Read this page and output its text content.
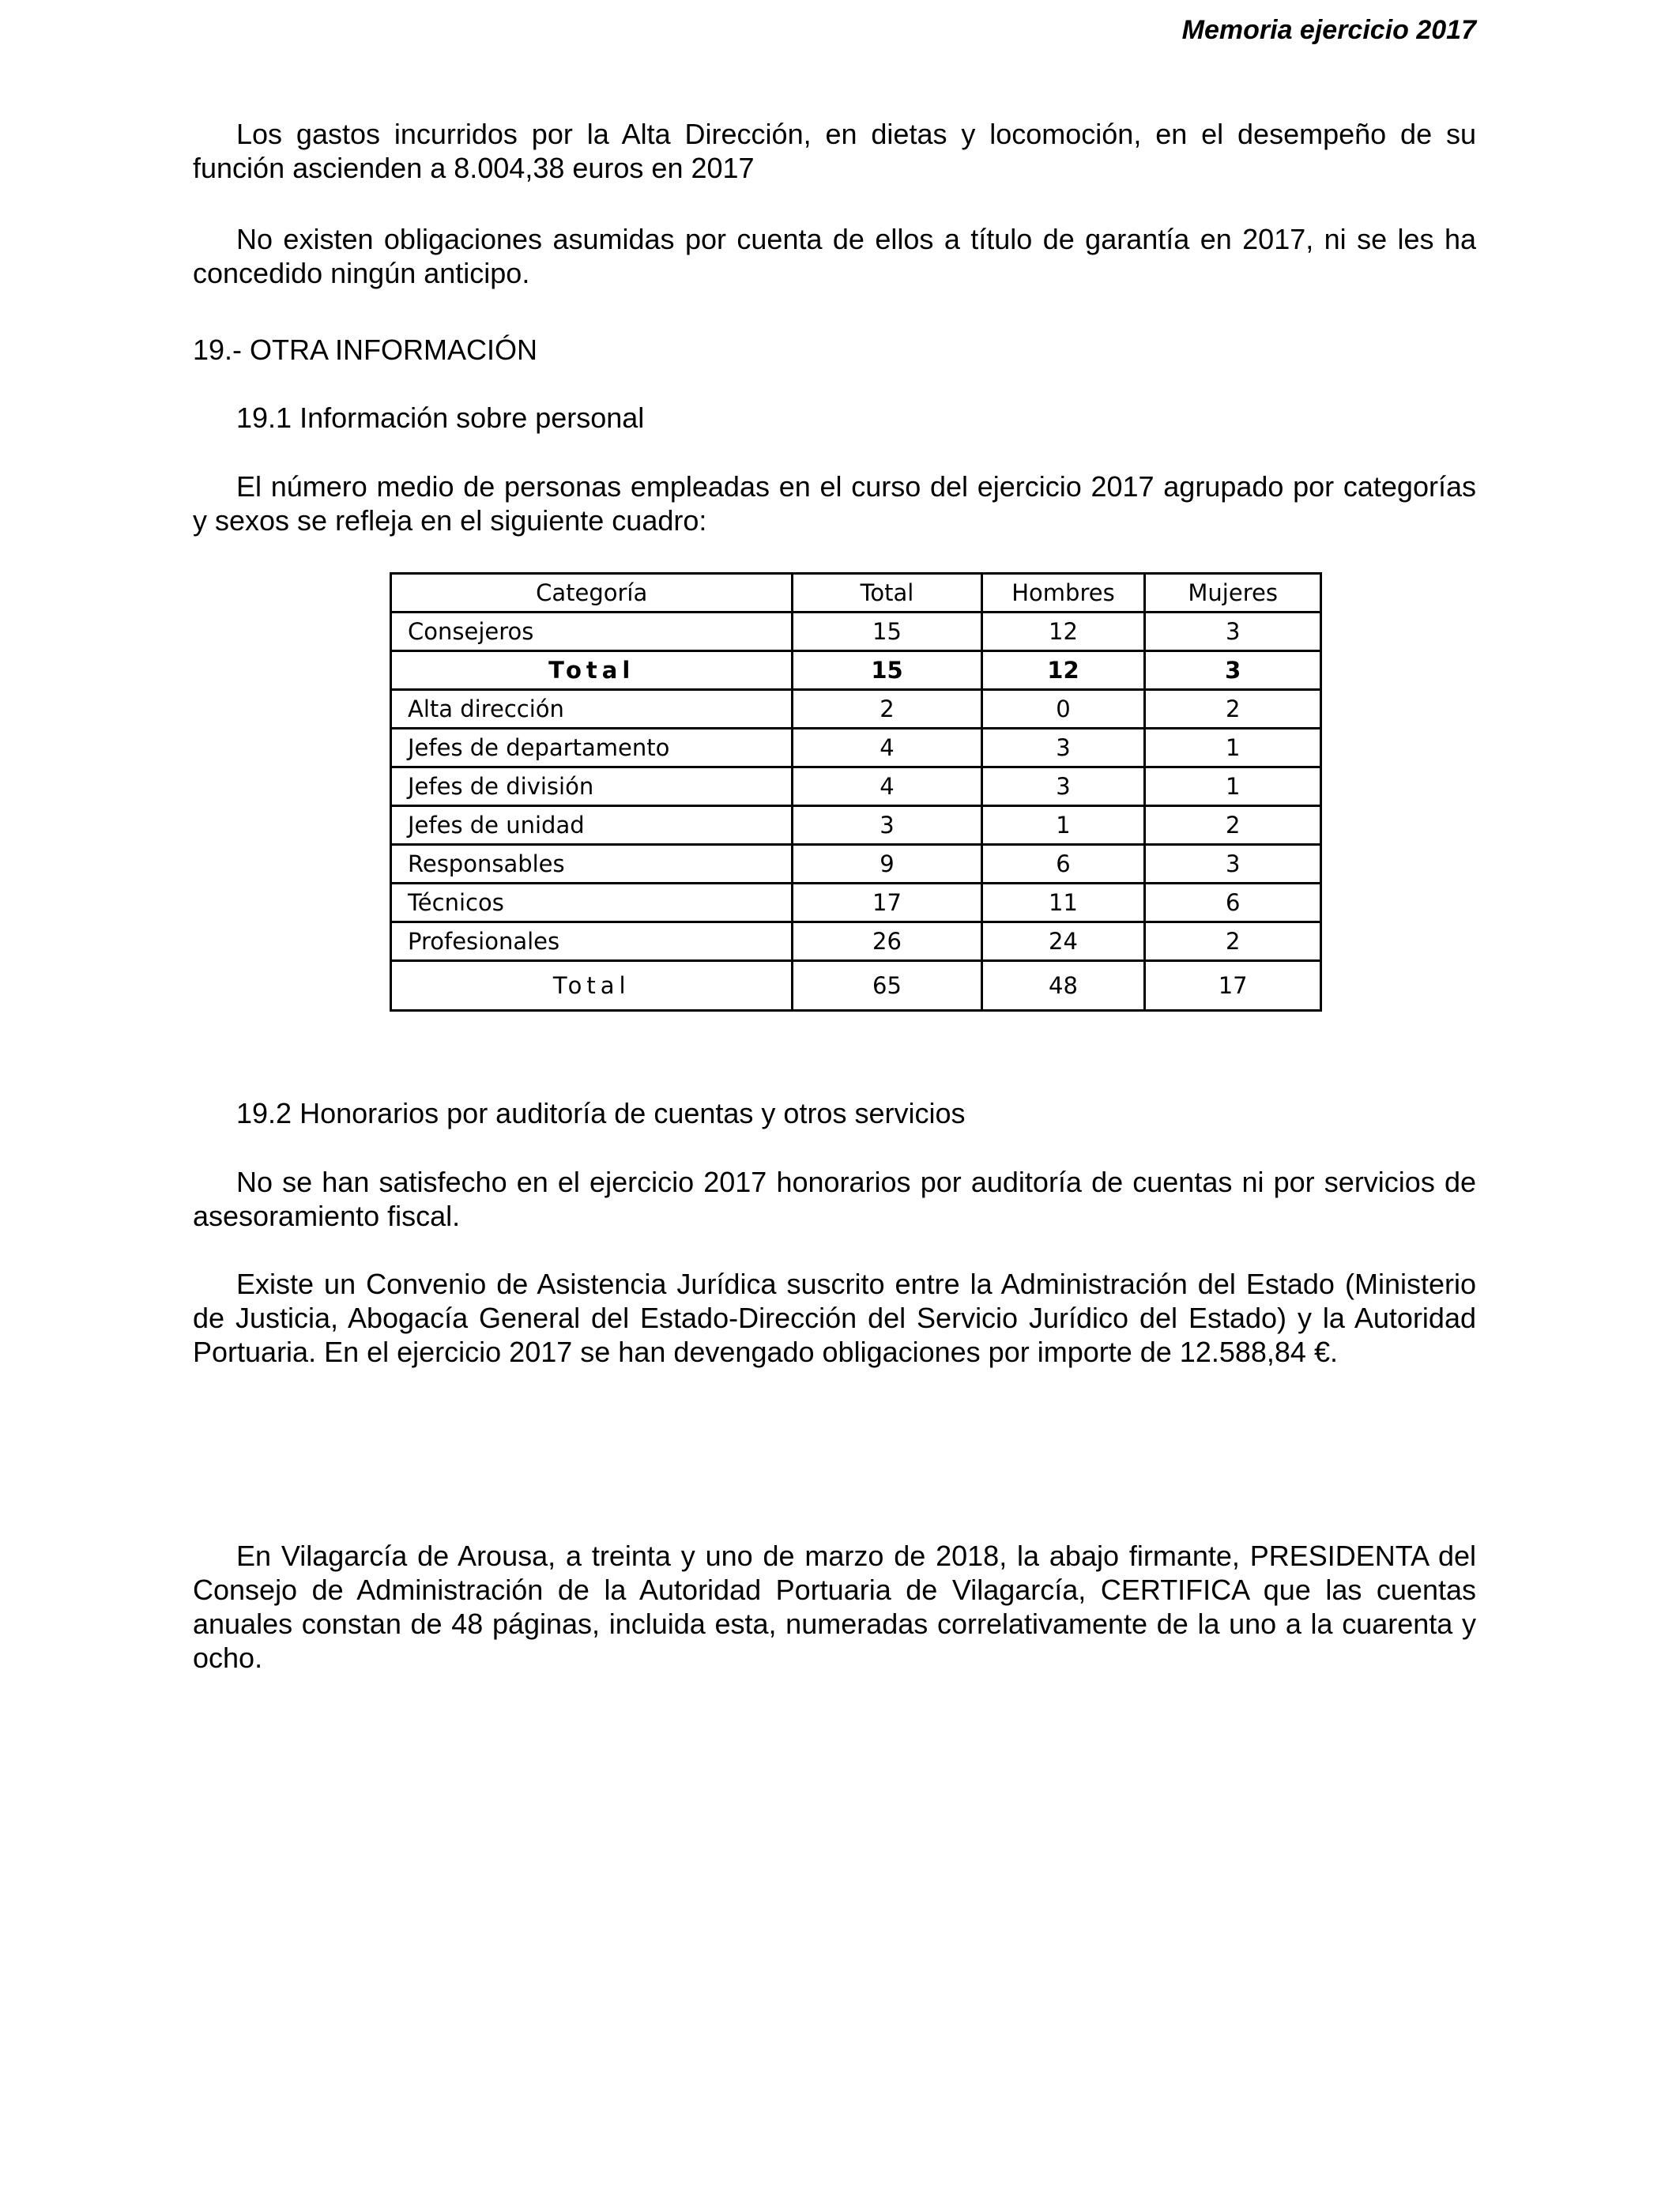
Memoria ejercicio 2017

Los gastos incurridos por la Alta Dirección, en dietas y locomoción, en el desempeño de su función ascienden a 8.004,38 euros en 2017

No existen obligaciones asumidas por cuenta de ellos a título de garantía en 2017, ni se les ha concedido ningún anticipo.

19.- OTRA INFORMACIÓN

19.1 Información sobre personal

El número medio de personas empleadas en el curso del ejercicio 2017 agrupado por categorías y sexos se refleja en el siguiente cuadro:

Categoría	Total	Hombres	Mujeres
Consejeros	15	12	3
Total	15	12	3
Alta dirección	2	0	2
Jefes de departamento	4	3	1
Jefes de división	4	3	1
Jefes de unidad	3	1	2
Responsables	9	6	3
Técnicos	17	11	6
Profesionales	26	24	2
Total	65	48	17

19.2 Honorarios por auditoría de cuentas y otros servicios

No se han satisfecho en el ejercicio 2017 honorarios por auditoría de cuentas ni por servicios de asesoramiento fiscal.

Existe un Convenio de Asistencia Jurídica suscrito entre la Administración del Estado (Ministerio de Justicia, Abogacía General del Estado-Dirección del Servicio Jurídico del Estado) y la Autoridad Portuaria. En el ejercicio 2017 se han devengado obligaciones por importe de 12.588,84 €.

En Vilagarcía de Arousa, a treinta y uno de marzo de 2018, la abajo firmante, PRESIDENTA del Consejo de Administración de la Autoridad Portuaria de Vilagarcía, CERTIFICA que las cuentas anuales constan de 48 páginas, incluida esta, numeradas correlativamente de la uno a la cuarenta y ocho.
